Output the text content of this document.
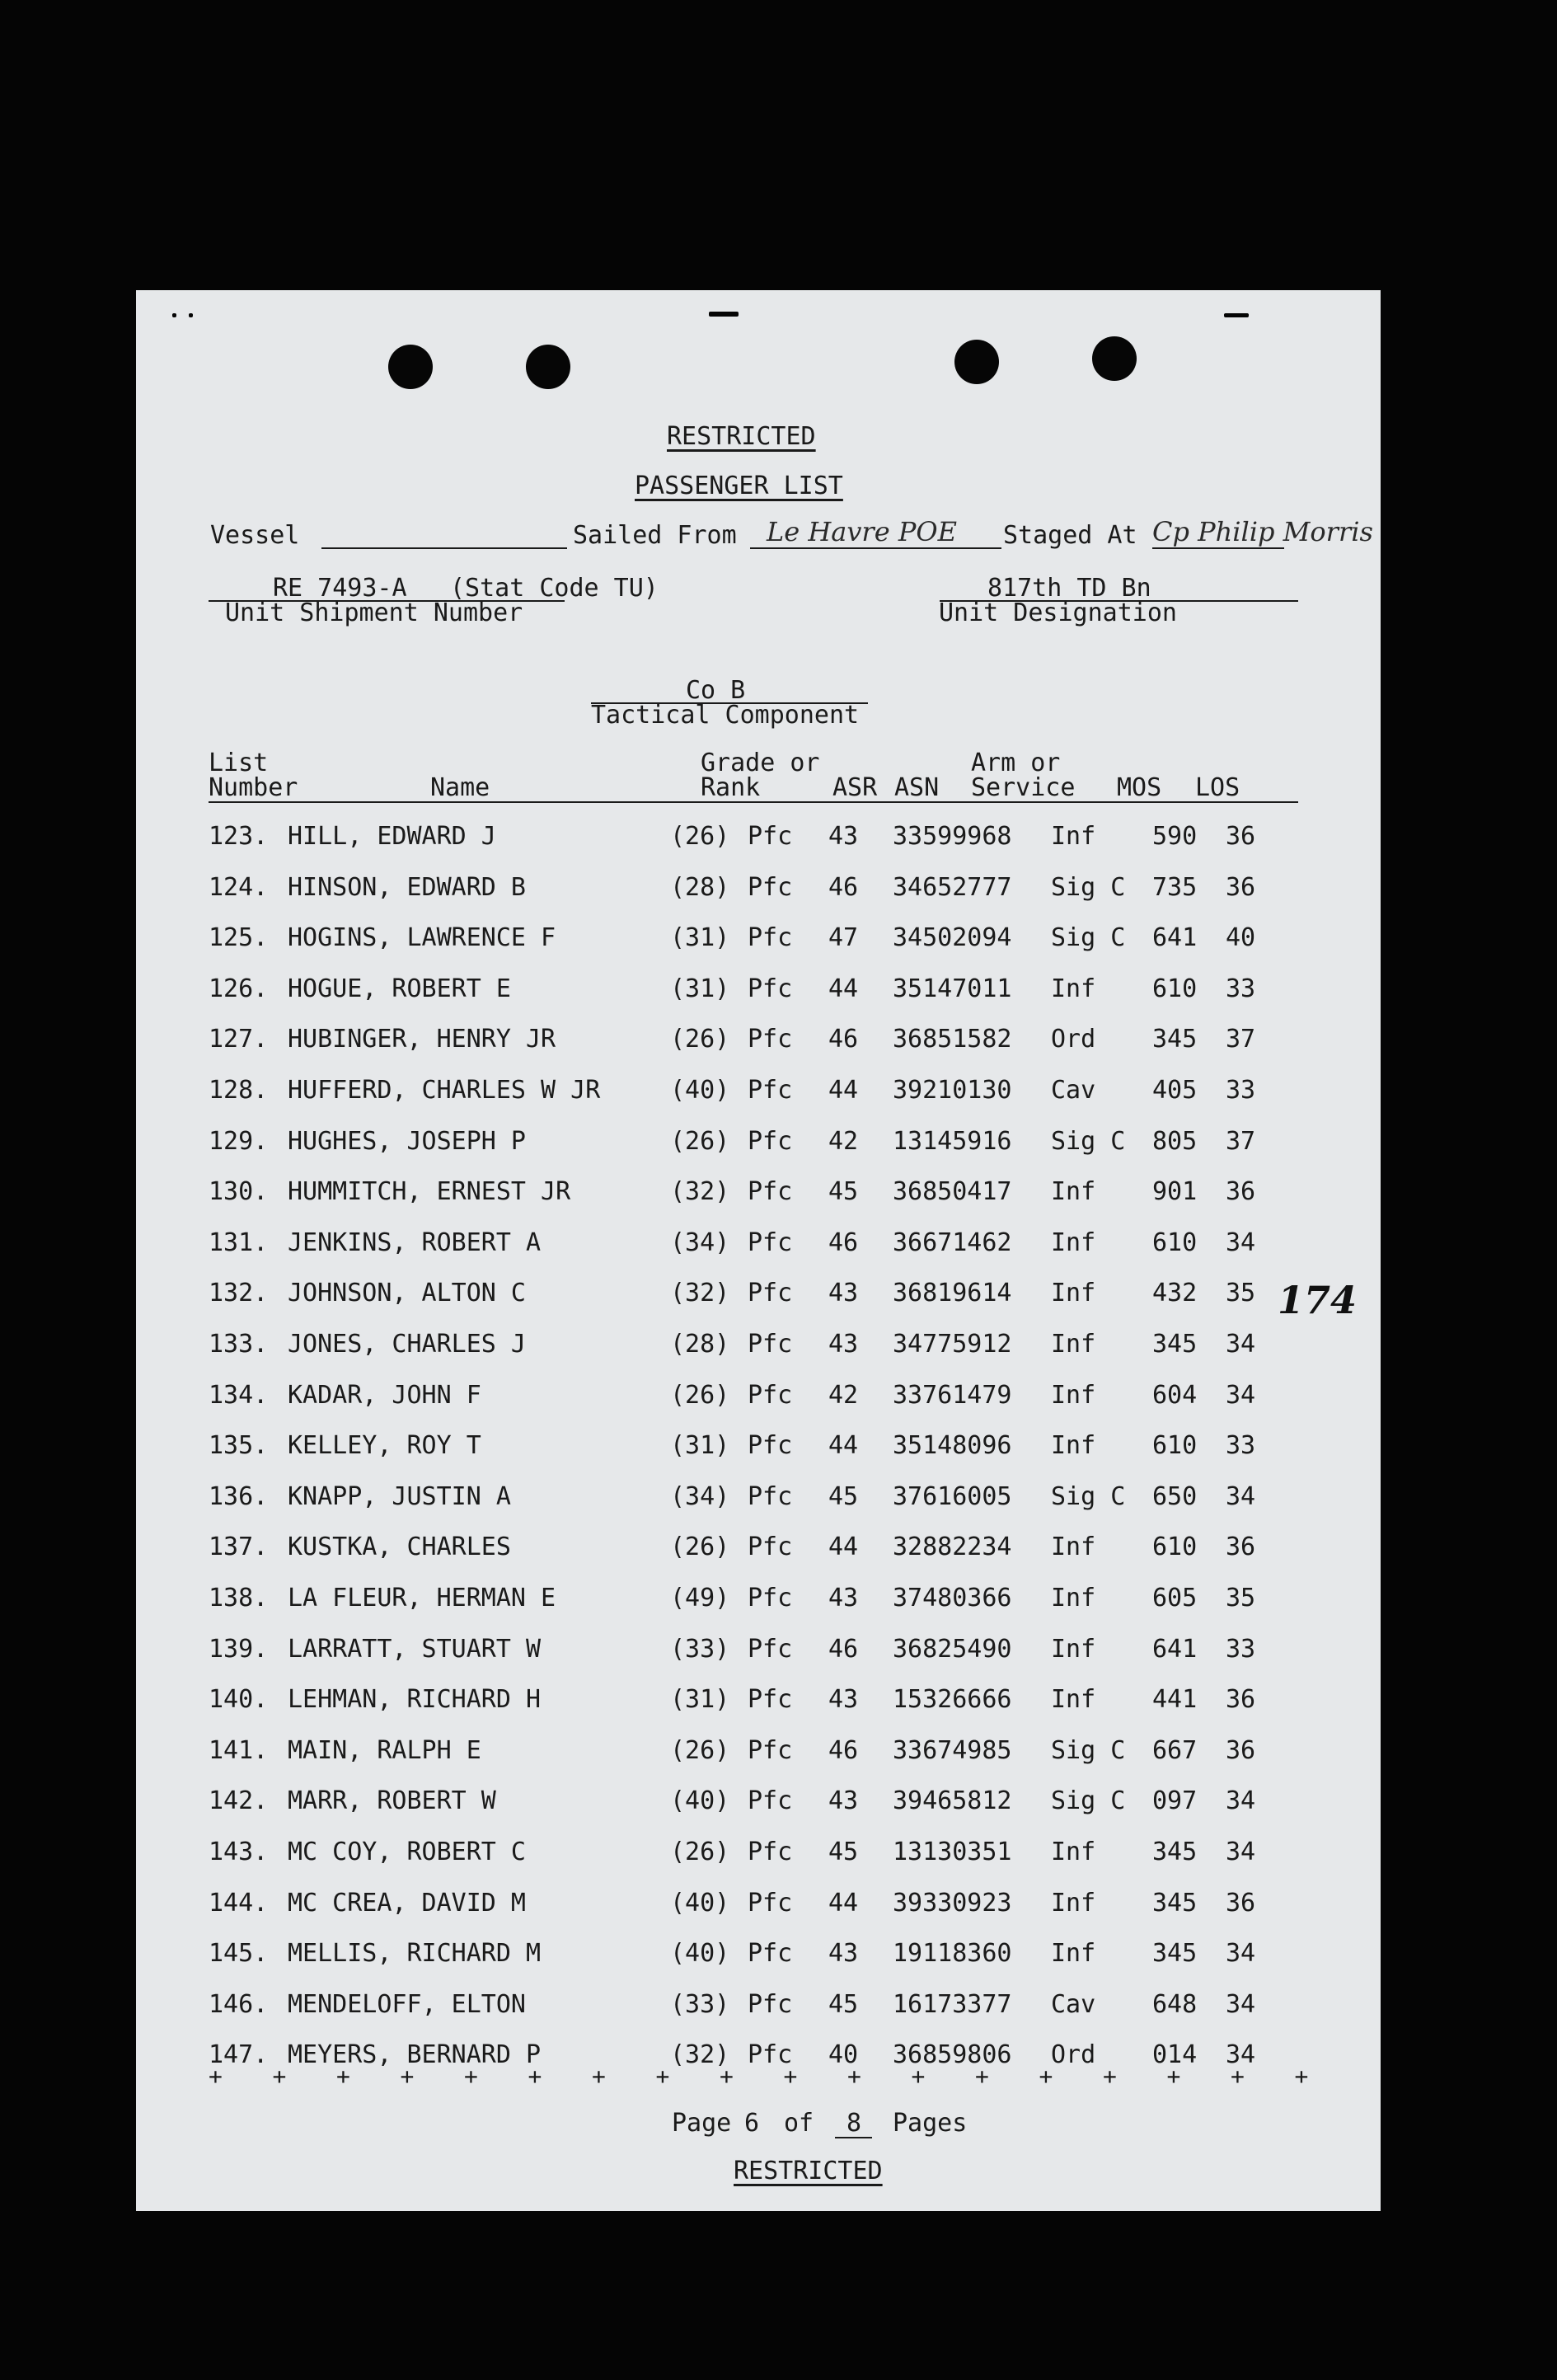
RESTRICTED
PASSENGER LIST
Vessel	Sailed From Le Havre POE Staged At Cp Philip Morris
RE 7493-A (Stat Code TU)
Unit Shipment Number
817th TD Bn
Unit Designation
Co B
Tactical Component
List
Number	Name
Grade or
Rank	ASR ASN
Arm or
Service MOS LOS
123. HILL, EDWARD J	(26) Pfc 43 33599968 Inf 590 36
124. HINSON, EDWARD B	(28) Pfc 46 34652777 Sig C 735 36
125. HOGINS, LAWRENCE F	(31) Pfc 47 34502094 Sig C 641 40
126. HOGUE, ROBERT E	(31) Pfc 44 35147011 Inf 610 33
127. HUBINGER, HENRY JR	(26) Pfc 46 36851582 Ord 345 37
128. HUFFERD, CHARLES W JR	(40) Pfc 44 39210130 Cav 405 33
129. HUGHES, JOSEPH P	(26) Pfc 42 13145916 Sig C 805 37
130. HUMMITCH, ERNEST JR	(32) Pfc 45 36850417 Inf 901 36
131. JENKINS, ROBERT A	(34) Pfc 46 36671462 Inf 610 34
132. JOHNSON, ALTON C	(32) Pfc 43 36819614 Inf 432 35
133. JONES, CHARLES J	(28) Pfc 43 34775912 Inf 345 34
134. KADAR, JOHN F	(26) Pfc 42 33761479 Inf 604 34
135. KELLEY, ROY T	(31) Pfc 44 35148096 Inf 610 33
136. KNAPP, JUSTIN A	(34) Pfc 45 37616005 Sig C 650 34
137. KUSTKA, CHARLES	(26) Pfc 44 32882234 Inf 610 36
138. LA FLEUR, HERMAN E	(49) Pfc 43 37480366 Inf 605 35
139. LARRATT, STUART W	(33) Pfc 46 36825490 Inf 641 33
140. LEHMAN, RICHARD H	(31) Pfc 43 15326666 Inf 441 36
141. MAIN, RALPH E	(26) Pfc 46 33674985 Sig C 667 36
142. MARR, ROBERT W	(40) Pfc 43 39465812 Sig C 097 34
143. MC COY, ROBERT C	(26) Pfc 45 13130351 Inf 345 34
144. MC CREA, DAVID M	(40) Pfc 44 39330923 Inf 345 36
145. MELLIS, RICHARD M	(40) Pfc 43 19118360 Inf 345 34
146. MENDELOFF, ELTON	(33) Pfc 45 16173377 Cav 648 34
147. MEYERS, BERNARD P	(32) Pfc 40 36859806 Ord 014 34
174
+ + + + + + + + + + + + + + + + + +
Page 6 of 8 Pages
RESTRICTED
